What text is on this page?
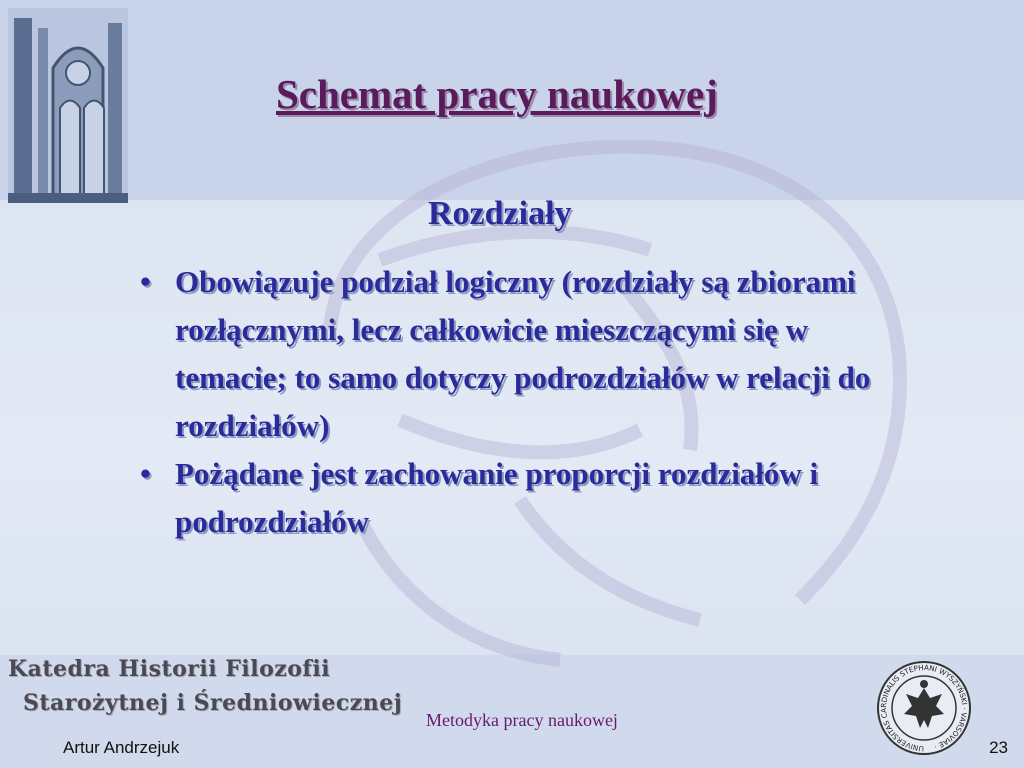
Schemat pracy naukowej
Rozdziały
• Obowiązuje podział logiczny (rozdziały są zbiorami rozłącznymi, lecz całkowicie mieszczącymi się w temacie; to samo dotyczy podrozdziałów w relacji do rozdziałów)
• Pożądane jest zachowanie proporcji rozdziałów i podrozdziałów
Katedra Historii Filozofii
Starożytnej i Średniowiecznej
Metodyka pracy naukowej
Artur Andrzejuk	23
UNIVERSITAS CARDINALIS STEPHANI WYSZYŃSKI · VARSOVIAE ·
